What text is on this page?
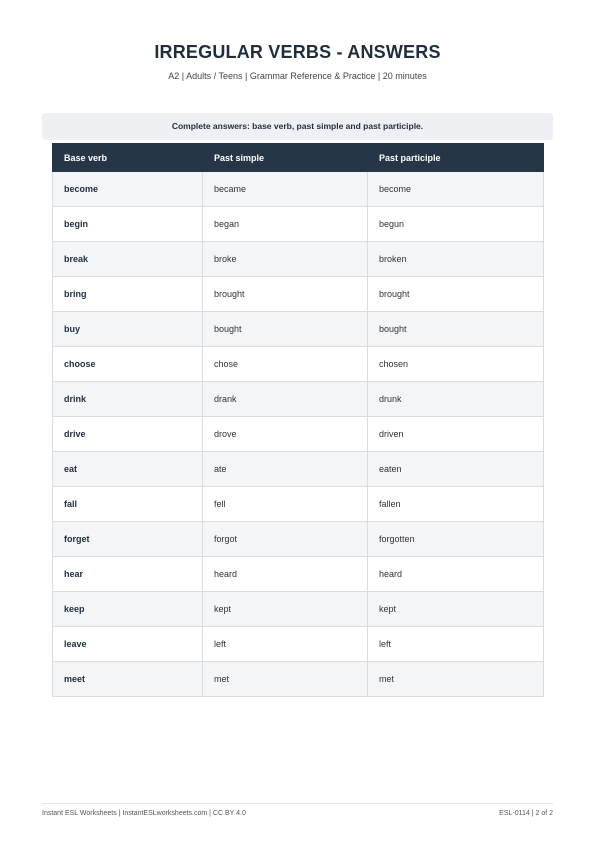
IRREGULAR VERBS - ANSWERS
A2 | Adults / Teens | Grammar Reference & Practice | 20 minutes
Complete answers: base verb, past simple and past participle.
Base verb	Past simple	Past participle
become	became	become
begin	began	begun
break	broke	broken
bring	brought	brought
buy	bought	bought
choose	chose	chosen
drink	drank	drunk
drive	drove	driven
eat	ate	eaten
fall	fell	fallen
forget	forgot	forgotten
hear	heard	heard
keep	kept	kept
leave	left	left
meet	met	met
Instant ESL Worksheets | InstantESLworksheets.com | CC BY 4.0	ESL-0114 | 2 of 2
